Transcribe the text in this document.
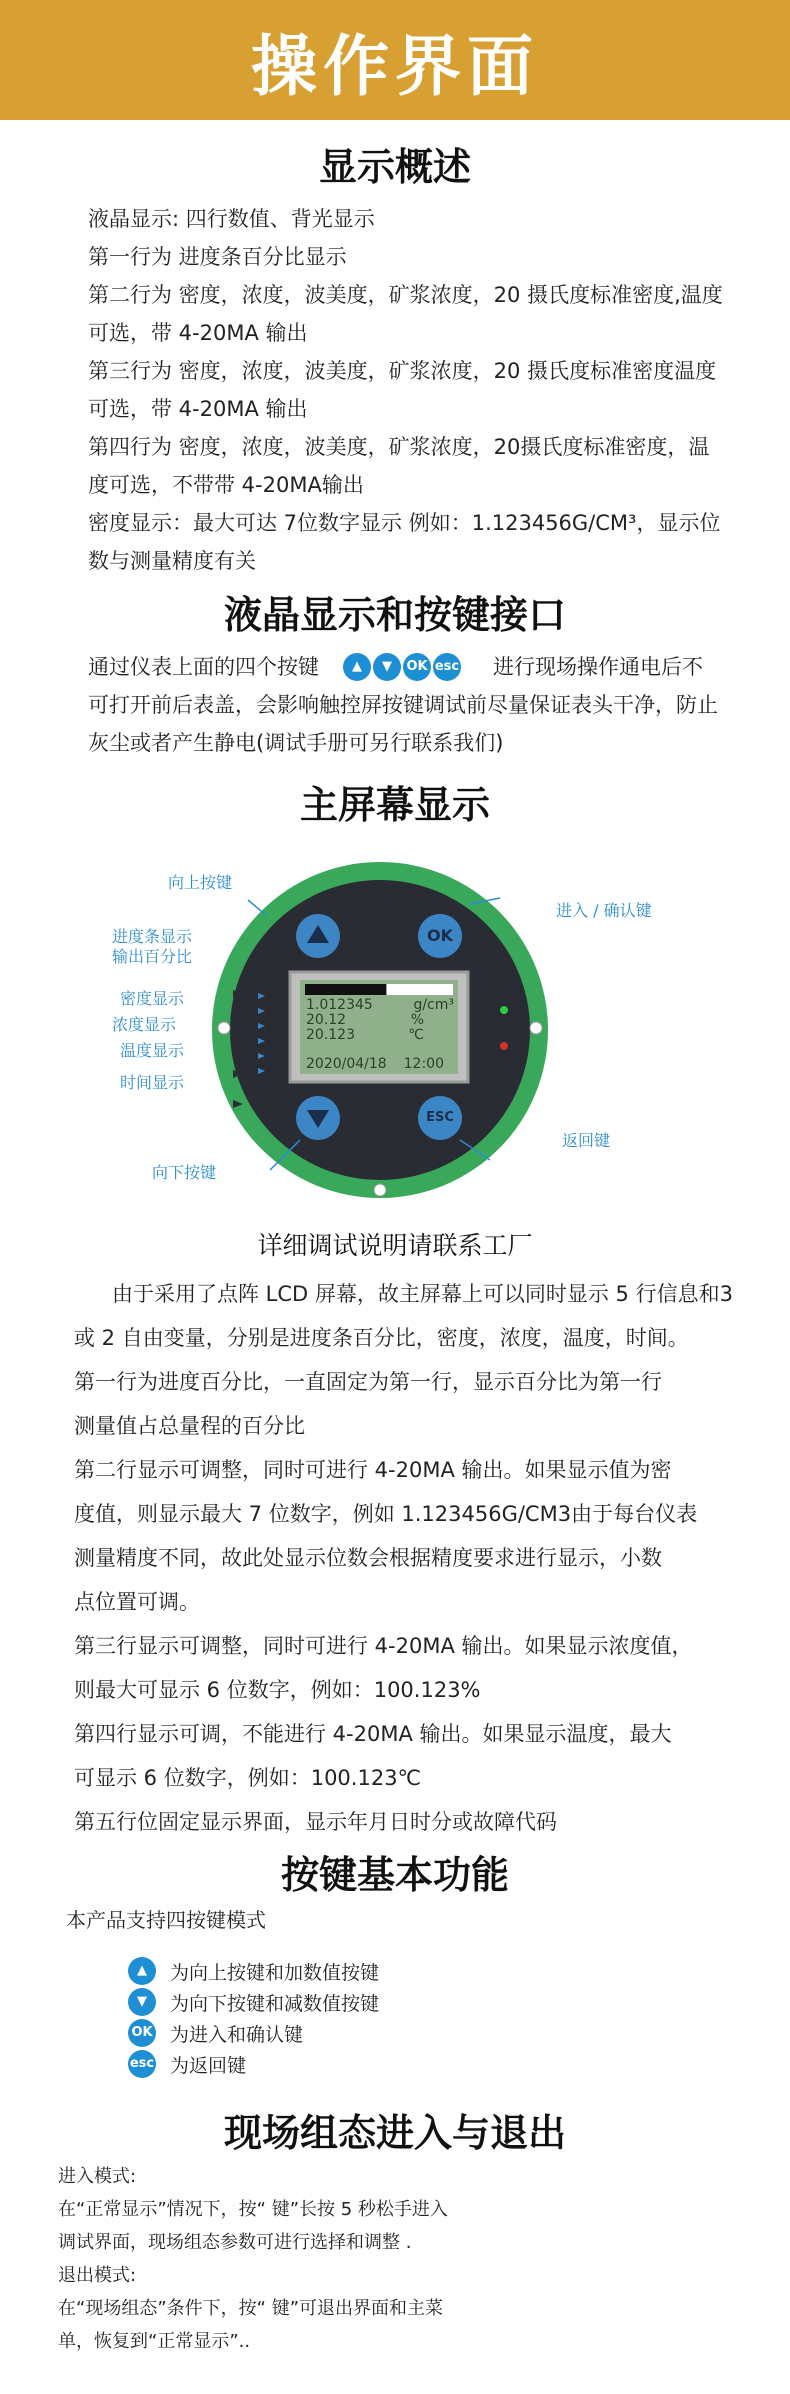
操作界面
显示概述
液晶显示: 四行数值、背光显示
第一行为 进度条百分比显示
第二行为 密度，浓度，波美度，矿浆浓度，20 摄氏度标准密度,温度
可选，带 4-20MA 输出
第三行为 密度，浓度，波美度，矿浆浓度，20 摄氏度标准密度温度
可选，带 4-20MA 输出
第四行为 密度，浓度，波美度，矿浆浓度，20摄氏度标准密度，温
度可选，不带带 4-20MA输出
密度显示：最大可达 7位数字显示 例如：1.123456G/CM³，显示位
数与测量精度有关
液晶显示和按键接口
通过仪表上面的四个按键	▲	▼	OK esc 进行现场操作通电后不
可打开前后表盖，会影响触控屏按键调试前尽量保证表头干净，防止
灰尘或者产生静电(调试手册可另行联系我们)
主屏幕显示
OK
ESC
1.012345	g/cm³
20.12	%
20.123	℃
2020/04/18 12:00
向上按键
进入 / 确认键
进度条显示
输出百分比
密度显示
浓度显示
温度显示
时间显示
返回键
向下按键
详细调试说明请联系工厂
由于采用了点阵 LCD 屏幕，故主屏幕上可以同时显示 5 行信息和3
或 2 自由变量，分别是进度条百分比，密度，浓度，温度，时间。
第一行为进度百分比，一直固定为第一行，显示百分比为第一行
测量值占总量程的百分比
第二行显示可调整，同时可进行 4-20MA 输出。如果显示值为密
度值，则显示最大 7 位数字，例如 1.123456G/CM3由于每台仪表
测量精度不同，故此处显示位数会根据精度要求进行显示，小数
点位置可调。
第三行显示可调整，同时可进行 4-20MA 输出。如果显示浓度值，
则最大可显示 6 位数字，例如：100.123%
第四行显示可调，不能进行 4-20MA 输出。如果显示温度，最大
可显示 6 位数字，例如：100.123℃
第五行位固定显示界面，显示年月日时分或故障代码
按键基本功能
本产品支持四按键模式
▲	为向上按键和加数值按键
▼	为向下按键和减数值按键
OK 为进入和确认键
esc 为返回键
现场组态进入与退出
进入模式:
在“正常显示”情况下，按“ 键”长按 5 秒松手进入
调试界面，现场组态参数可进行选择和调整 .
退出模式:
在“现场组态”条件下，按“ 键”可退出界面和主菜
单，恢复到“正常显示”..
